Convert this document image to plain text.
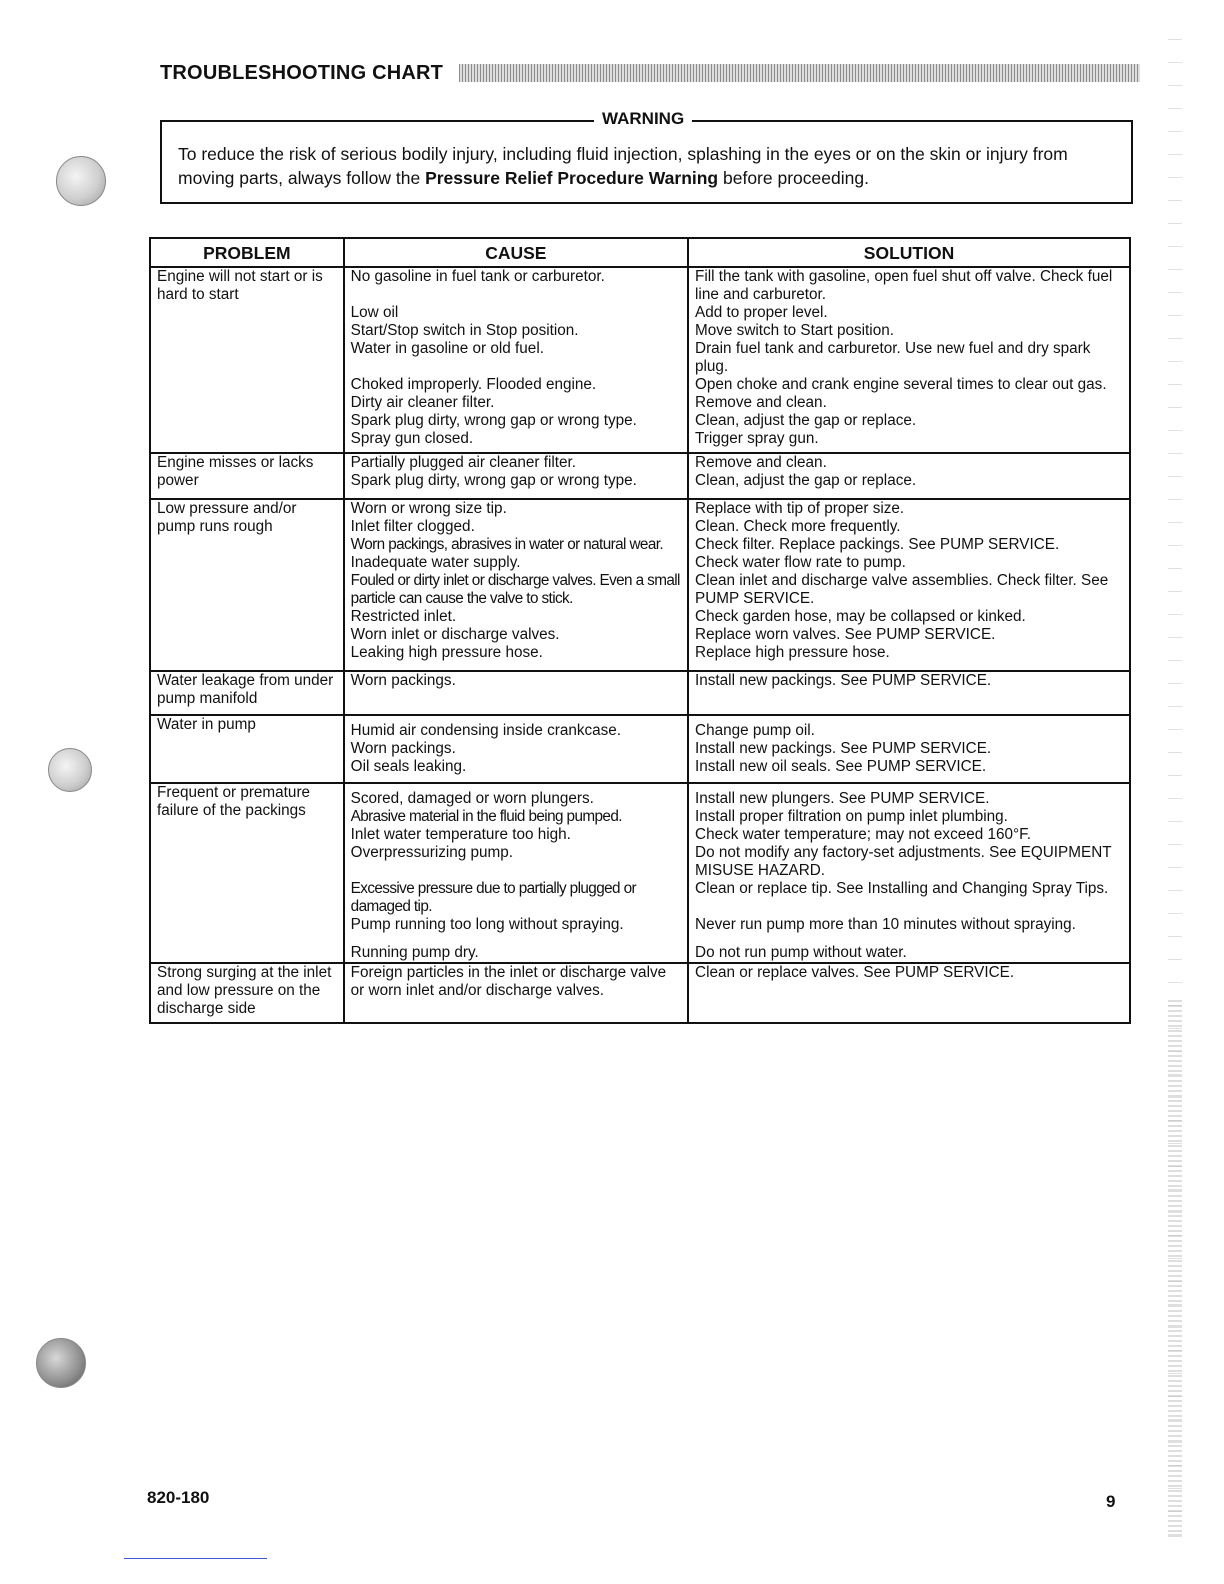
TROUBLESHOOTING CHART
WARNING
To reduce the risk of serious bodily injury, including fluid injection, splashing in the eyes or on the skin or injury from moving parts, always follow the Pressure Relief Procedure Warning before proceeding.
PROBLEM	CAUSE	SOLUTION
Engine will not start or is hard to start	No gasoline in fuel tank or carburetor.	Fill the tank with gasoline, open fuel shut off valve. Check fuel line and carburetor.
	Low oil	Add to proper level.
	Start/Stop switch in Stop position.	Move switch to Start position.
	Water in gasoline or old fuel.	Drain fuel tank and carburetor. Use new fuel and dry spark plug.
	Choked improperly. Flooded engine.	Open choke and crank engine several times to clear out gas.
	Dirty air cleaner filter.	Remove and clean.
	Spark plug dirty, wrong gap or wrong type.	Clean, adjust the gap or replace.
	Spray gun closed.	Trigger spray gun.
Engine misses or lacks power	Partially plugged air cleaner filter.	Remove and clean.
	Spark plug dirty, wrong gap or wrong type.	Clean, adjust the gap or replace.
Low pressure and/or pump runs rough	Worn or wrong size tip.	Replace with tip of proper size.
	Inlet filter clogged.	Clean. Check more frequently.
	Worn packings, abrasives in water or natural wear.	Check filter. Replace packings. See PUMP SERVICE.
	Inadequate water supply.	Check water flow rate to pump.
	Fouled or dirty inlet or discharge valves. Even a small particle can cause the valve to stick.	Clean inlet and discharge valve assemblies. Check filter. See PUMP SERVICE.
	Restricted inlet.	Check garden hose, may be collapsed or kinked.
	Worn inlet or discharge valves.	Replace worn valves. See PUMP SERVICE.
	Leaking high pressure hose.	Replace high pressure hose.
Water leakage from under pump manifold	Worn packings.	Install new packings. See PUMP SERVICE.
Water in pump	Humid air condensing inside crankcase.	Change pump oil.
	Worn packings.	Install new packings. See PUMP SERVICE.
	Oil seals leaking.	Install new oil seals. See PUMP SERVICE.
Frequent or premature failure of the packings	Scored, damaged or worn plungers.	Install new plungers. See PUMP SERVICE.
	Abrasive material in the fluid being pumped.	Install proper filtration on pump inlet plumbing.
	Inlet water temperature too high.	Check water temperature; may not exceed 160°F.
	Overpressurizing pump.	Do not modify any factory-set adjustments. See EQUIPMENT MISUSE HAZARD.
	Excessive pressure due to partially plugged or damaged tip.	Clean or replace tip. See Installing and Changing Spray Tips.
	Pump running too long without spraying.	Never run pump more than 10 minutes without spraying.
	Running pump dry.	Do not run pump without water.
Strong surging at the inlet and low pressure on the discharge side	Foreign particles in the inlet or discharge valve or worn inlet and/or discharge valves.	Clean or replace valves. See PUMP SERVICE.
820-180	9
